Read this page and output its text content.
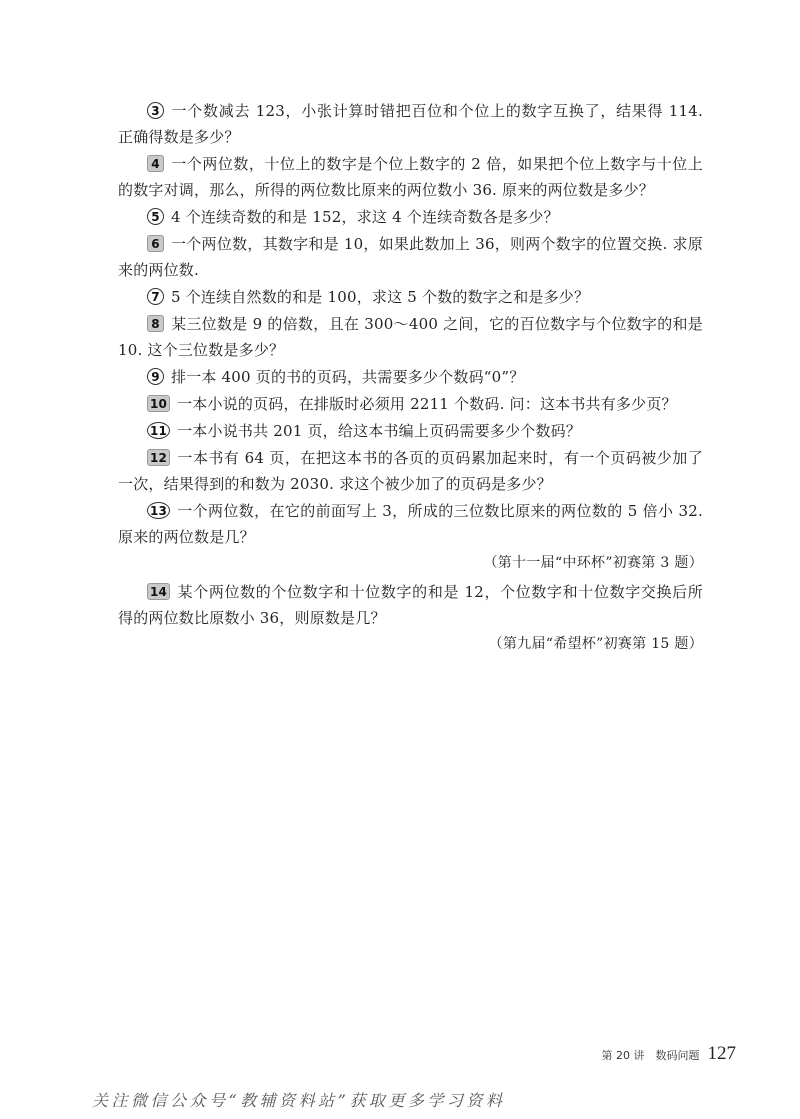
3 一个数减去 123，小张计算时错把百位和个位上的数字互换了，结果得 114. 正确得数是多少？
4 一个两位数，十位上的数字是个位上数字的 2 倍，如果把个位上数字与十位上的数字对调，那么，所得的两位数比原来的两位数小 36. 原来的两位数是多少？
5 4 个连续奇数的和是 152，求这 4 个连续奇数各是多少？
6 一个两位数，其数字和是 10，如果此数加上 36，则两个数字的位置交换. 求原来的两位数.
7 5 个连续自然数的和是 100，求这 5 个数的数字之和是多少？
8 某三位数是 9 的倍数，且在 300～400 之间，它的百位数字与个位数字的和是 10. 这个三位数是多少？
9 排一本 400 页的书的页码，共需要多少个数码“0”？
10 一本小说的页码，在排版时必须用 2211 个数码. 问：这本书共有多少页？
11 一本小说书共 201 页，给这本书编上页码需要多少个数码？
12 一本书有 64 页，在把这本书的各页的页码累加起来时，有一个页码被少加了一次，结果得到的和数为 2030. 求这个被少加了的页码是多少？
13 一个两位数，在它的前面写上 3，所成的三位数比原来的两位数的 5 倍小 32. 原来的两位数是几？
（第十一届“中环杯”初赛第 3 题）
14 某个两位数的个位数字和十位数字的和是 12，个位数字和十位数字交换后所得的两位数比原数小 36，则原数是几？
（第九届“希望杯”初赛第 15 题）
第 20 讲　数码问题 127
关注微信公众号“教辅资料站”获取更多学习资料
